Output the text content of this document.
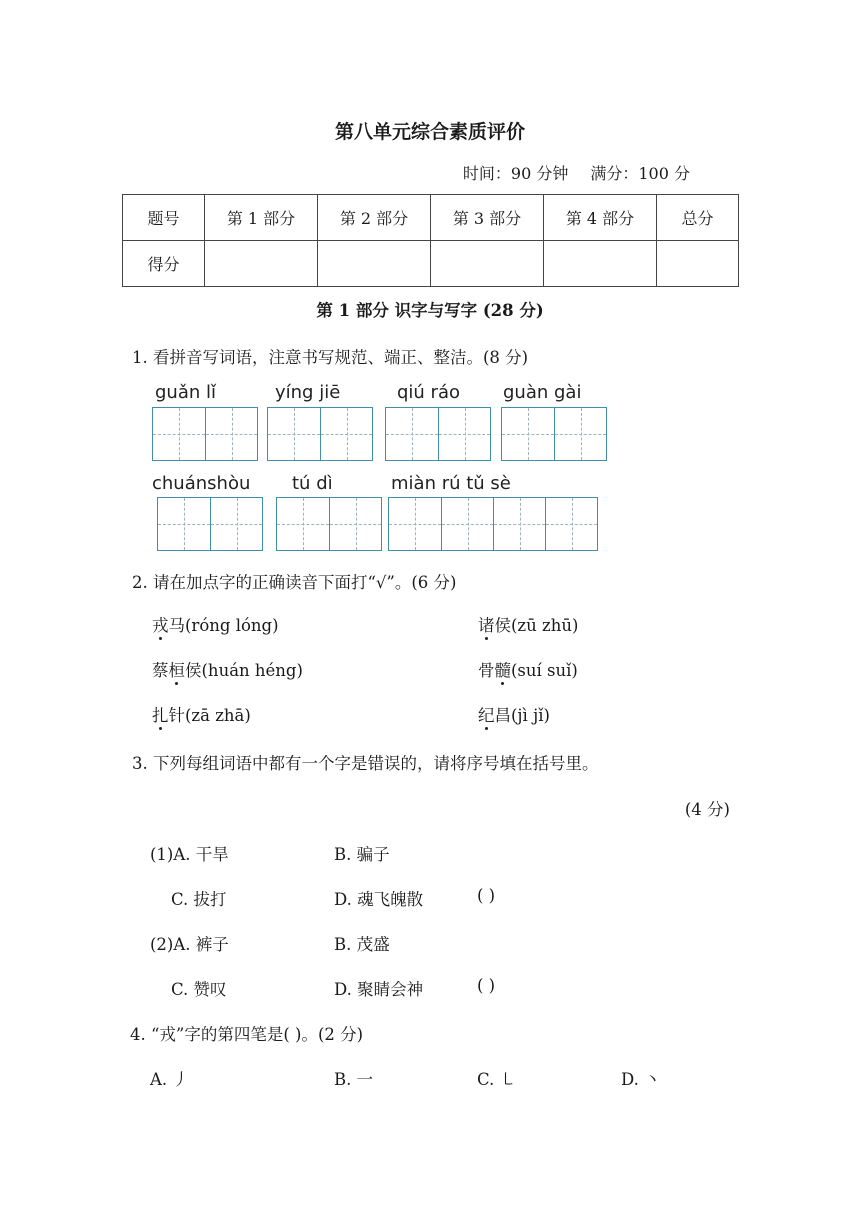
第八单元综合素质评价
时间：90 分钟 满分：100 分
题号	第 1 部分	第 2 部分	第 3 部分	第 4 部分	总分
得分					
第 1 部分 识字与写字 (28 分)
1. 看拼音写词语，注意书写规范、端正、整洁。(8 分)
guǎn lǐ	yíng jiē	qiú ráo guàn gài
chuánshòu tú dì	miàn rú tǔ sè
2. 请在加点字的正确读音下面打“√”。(6 分)
戎马(róng lóng)	诸侯(zū zhū)
蔡桓侯(huán héng)	骨髓(suí suǐ)
扎针(zā zhā)	纪昌(jì jǐ)
3. 下列每组词语中都有一个字是错误的，请将序号填在括号里。
(4 分)
(1)A. 干旱	B. 骗子
C. 拔打	D. 魂飞魄散	( )
(2)A. 裤子	B. 茂盛
C. 赞叹	D. 聚睛会神	( )
4. “戎”字的第四笔是( )。(2 分)
A. 丿	B. 一	C. ㇄	D. 丶
